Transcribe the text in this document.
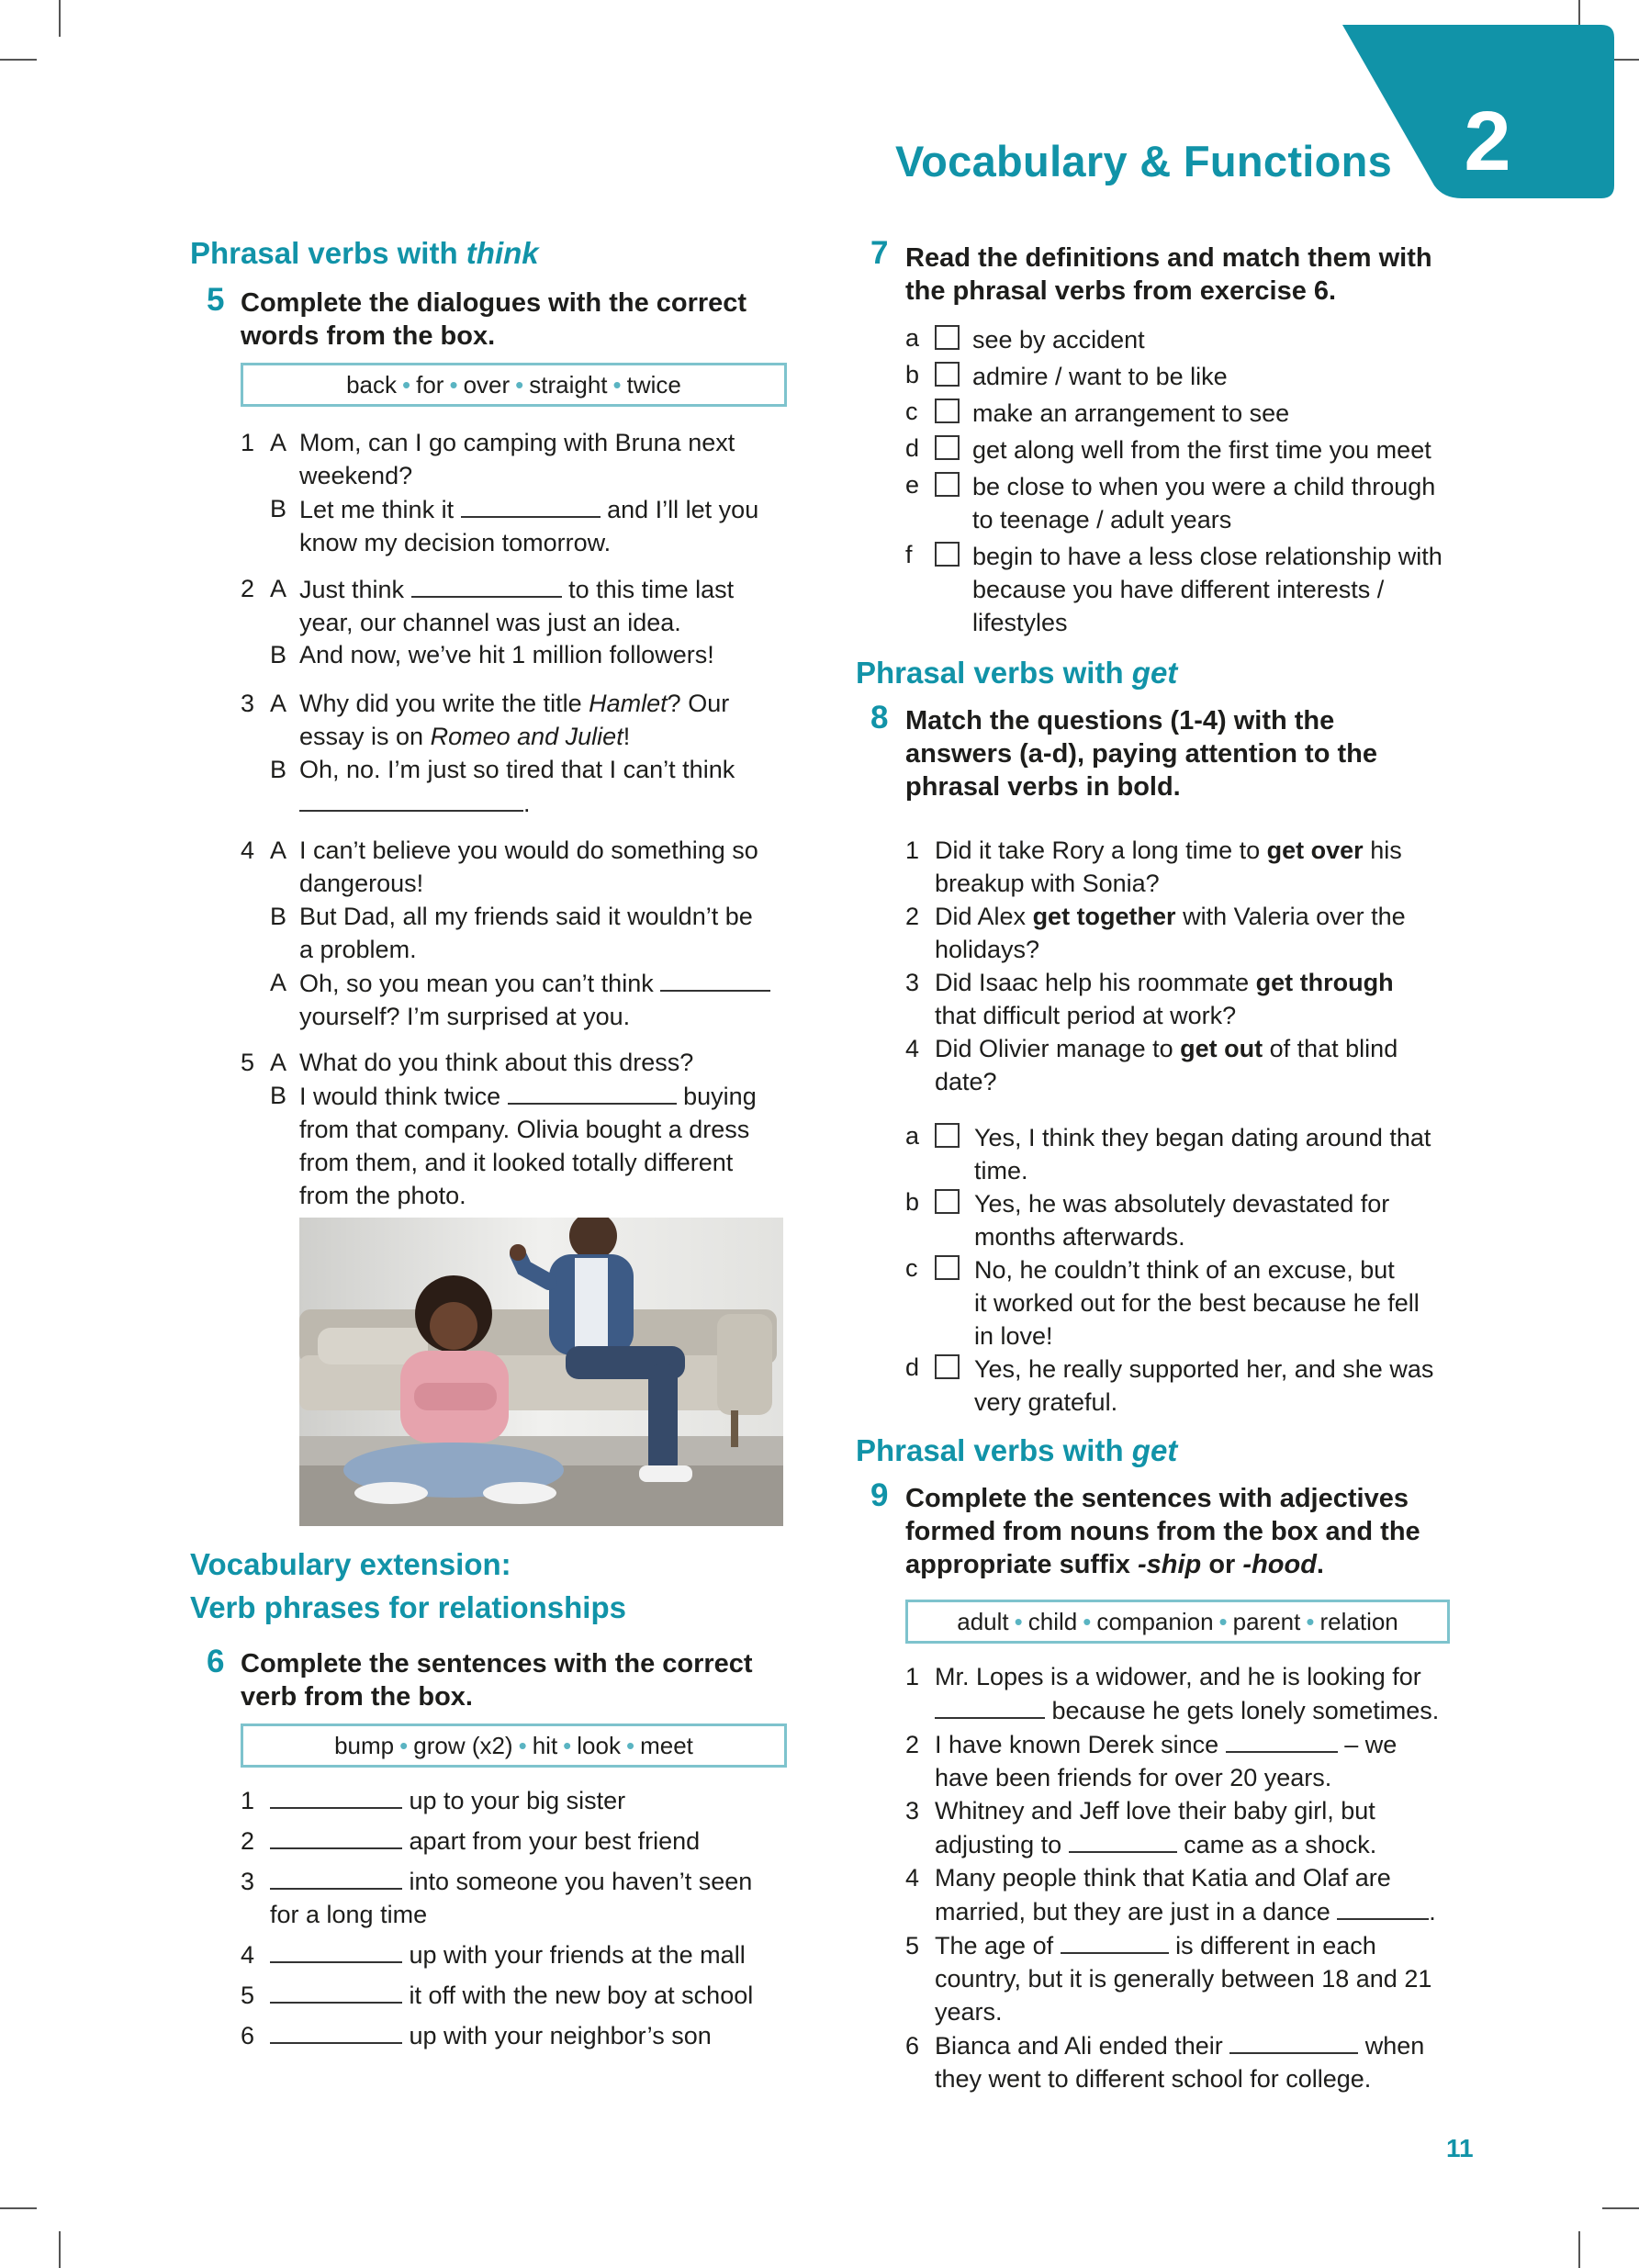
Vocabulary & Functions 2
Phrasal verbs with think
5 Complete the dialogues with the correct
words from the box.
back • for • over • straight • twice
1 A Mom, can I go camping with Bruna next
weekend?
B Let me think it	and I’ll let you
know my decision tomorrow.
2 A Just think	to this time last
year, our channel was just an idea.
B And now, we’ve hit 1 million followers!
3 A Why did you write the title Hamlet? Our
essay is on Romeo and Juliet!
B Oh, no. I’m just so tired that I can’t think
.
4 A I can’t believe you would do something so
dangerous!
B But Dad, all my friends said it wouldn’t be
a problem.
A Oh, so you mean you can’t think
yourself? I’m surprised at you.
5 A What do you think about this dress?
B I would think twice	buying
from that company. Olivia bought a dress
from them, and it looked totally different
from the photo.
Vocabulary extension:
Verb phrases for relationships
6 Complete the sentences with the correct
verb from the box.
bump • grow (x2) • hit • look • meet
1	up to your big sister
2	apart from your best friend
3	into someone you haven’t seen
for a long time
4	up with your friends at the mall
5	it off with the new boy at school
6	up with your neighbor’s son
7 Read the definitions and match them with
the phrasal verbs from exercise 6.
a see by accident
b admire / want to be like
c make an arrangement to see
d get along well from the first time you meet
e be close to when you were a child through
to teenage / adult years
f begin to have a less close relationship with
because you have different interests /
lifestyles
Phrasal verbs with get
8 Match the questions (1-4) with the
answers (a-d), paying attention to the
phrasal verbs in bold.
1 Did it take Rory a long time to get over his
breakup with Sonia?
2 Did Alex get together with Valeria over the
holidays?
3 Did Isaac help his roommate get through
that difficult period at work?
4 Did Olivier manage to get out of that blind
date?
a Yes, I think they began dating around that
time.
b Yes, he was absolutely devastated for
months afterwards.
c No, he couldn’t think of an excuse, but
it worked out for the best because he fell
in love!
d Yes, he really supported her, and she was
very grateful.
Phrasal verbs with get
9 Complete the sentences with adjectives
formed from nouns from the box and the
appropriate suffix -ship or -hood.
adult • child • companion • parent • relation
1 Mr. Lopes is a widower, and he is looking for
because he gets lonely sometimes.
2 I have known Derek since	– we
have been friends for over 20 years.
3 Whitney and Jeff love their baby girl, but
adjusting to	came as a shock.
4 Many people think that Katia and Olaf are
married, but they are just in a dance	.
5 The age of	is different in each
country, but it is generally between 18 and 21
years.
6 Bianca and Ali ended their	when
they went to different school for college.
11
